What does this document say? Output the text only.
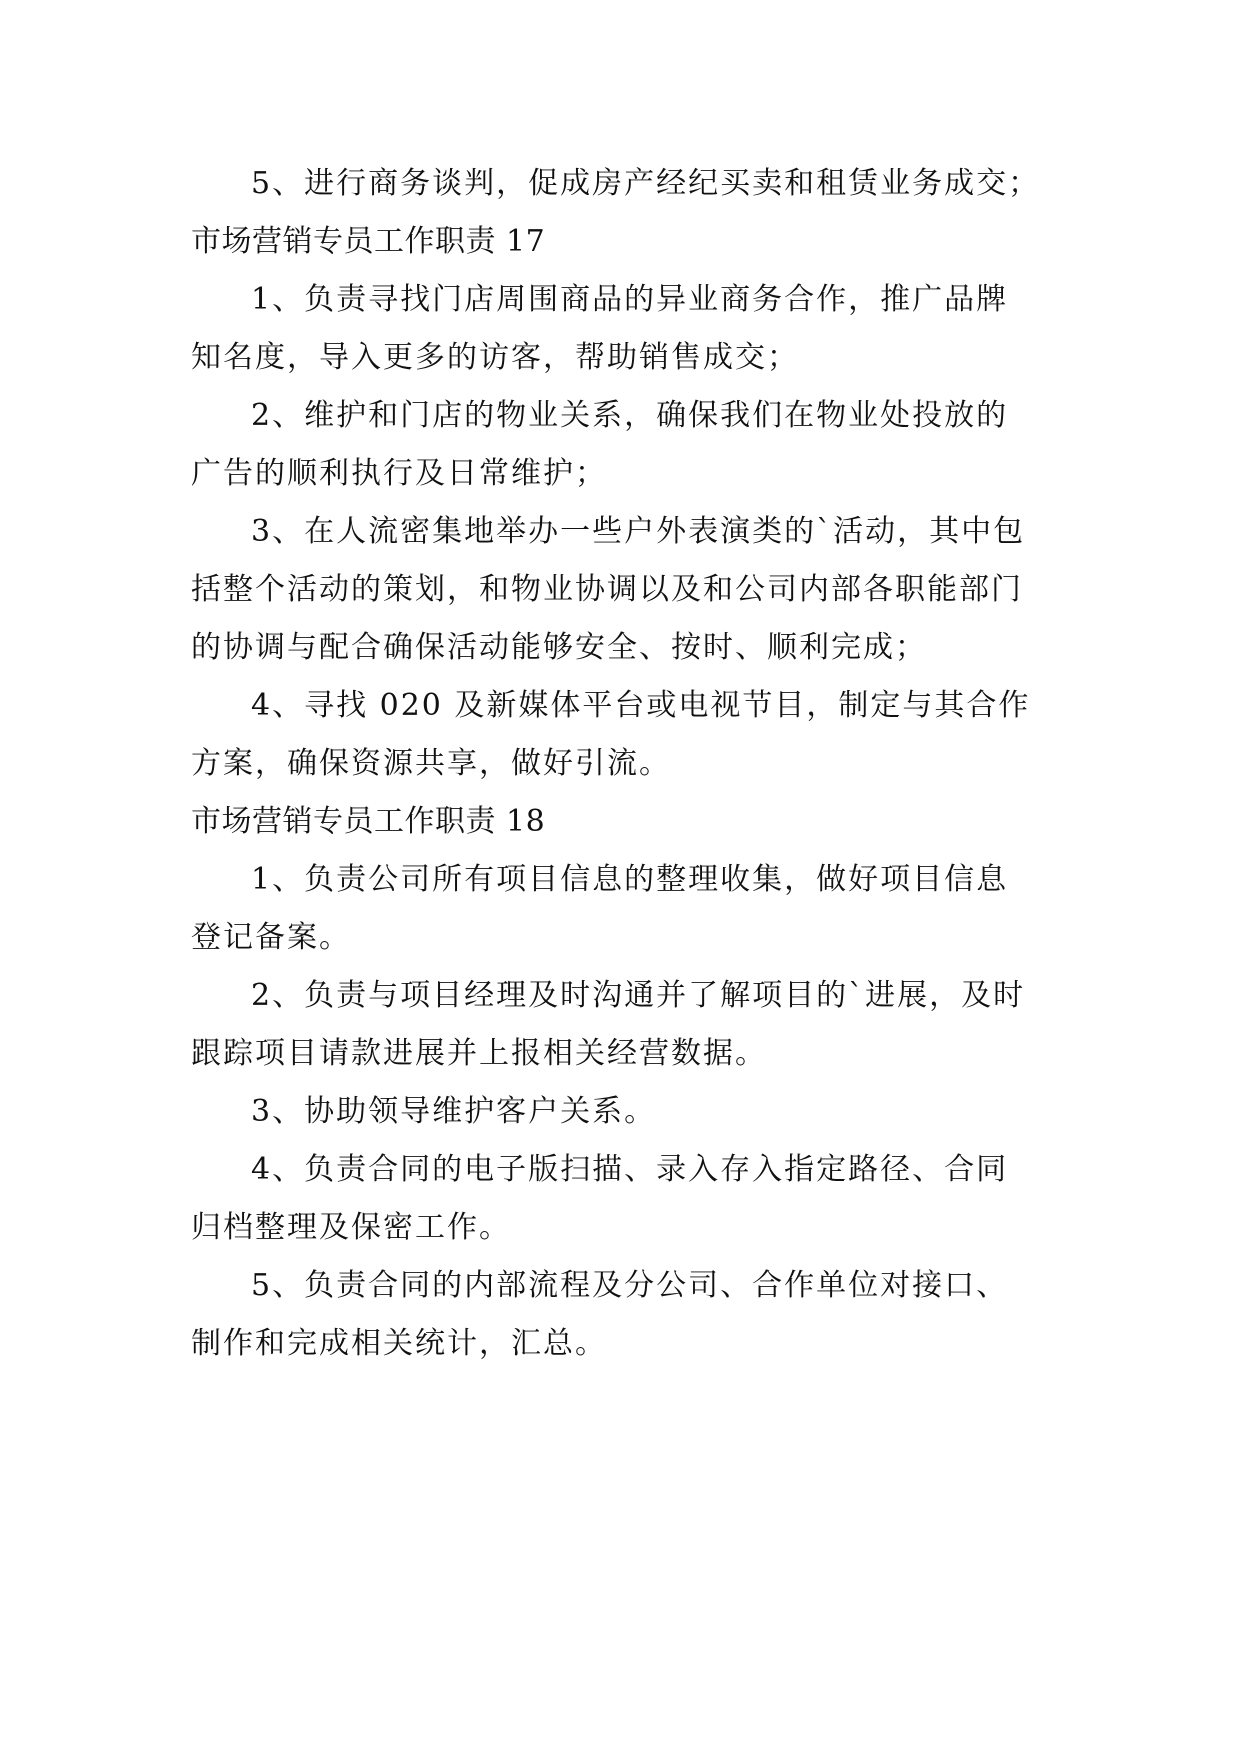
5、进行商务谈判，促成房产经纪买卖和租赁业务成交；

市场营销专员工作职责 17

1、负责寻找门店周围商品的异业商务合作，推广品牌

知名度，导入更多的访客，帮助销售成交；

2、维护和门店的物业关系，确保我们在物业处投放的

广告的顺利执行及日常维护；

3、在人流密集地举办一些户外表演类的`活动，其中包

括整个活动的策划，和物业协调以及和公司内部各职能部门

的协调与配合确保活动能够安全、按时、顺利完成；

4、寻找 020 及新媒体平台或电视节目，制定与其合作

方案，确保资源共享，做好引流。

市场营销专员工作职责 18

1、负责公司所有项目信息的整理收集，做好项目信息

登记备案。

2、负责与项目经理及时沟通并了解项目的`进展，及时

跟踪项目请款进展并上报相关经营数据。

3、协助领导维护客户关系。

4、负责合同的电子版扫描、录入存入指定路径、合同

归档整理及保密工作。

5、负责合同的内部流程及分公司、合作单位对接口、

制作和完成相关统计，汇总。
